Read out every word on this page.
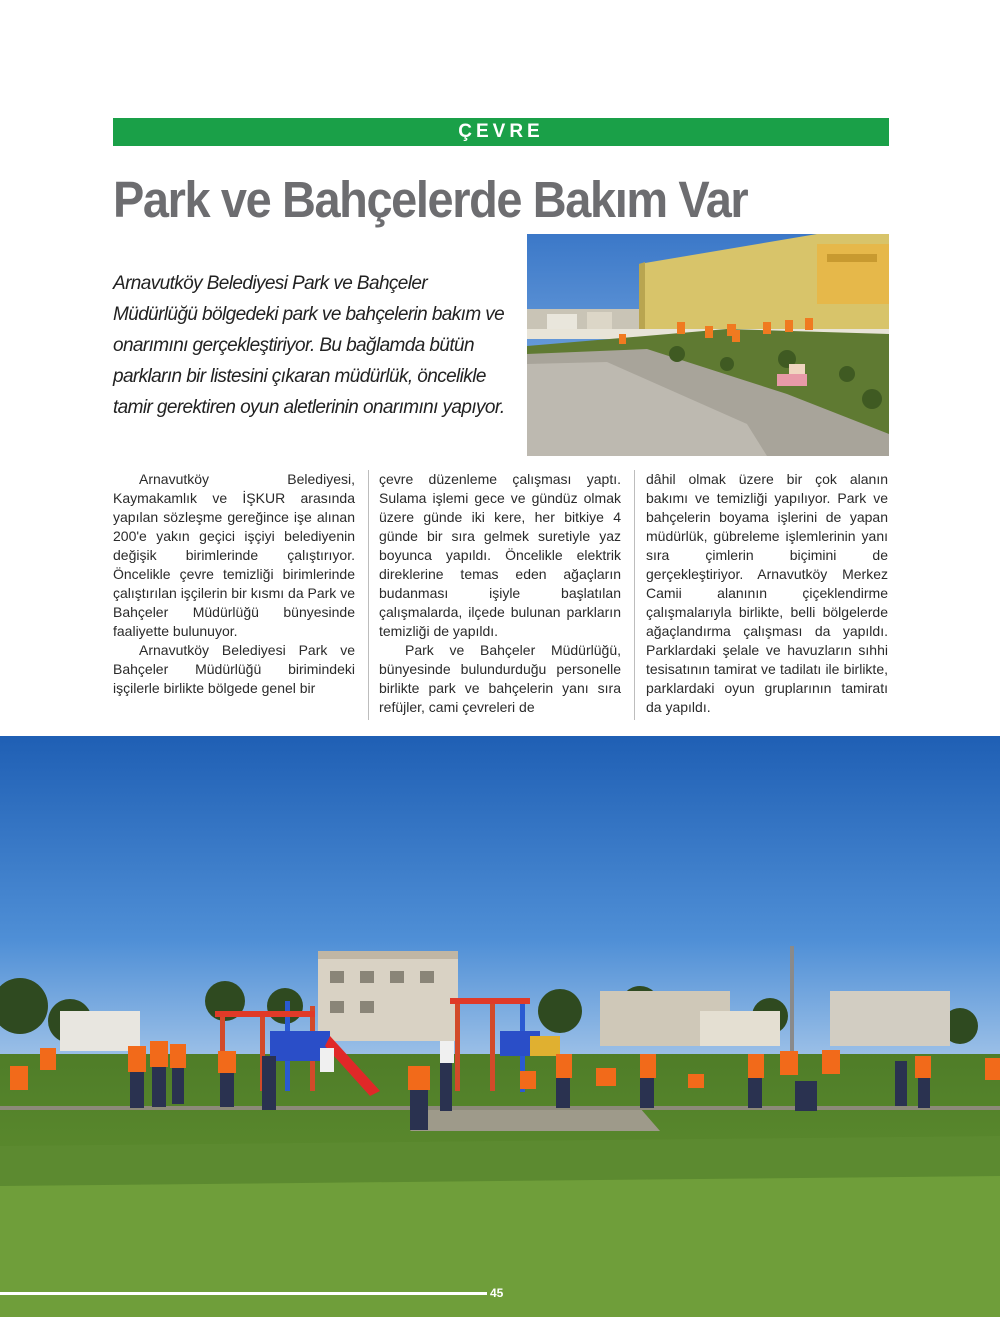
ÇEVRE
Park ve Bahçelerde Bakım Var
Arnavutköy Belediyesi Park ve Bahçeler Müdürlüğü bölgedeki park ve bahçelerin bakım ve onarımını gerçekleştiriyor. Bu bağlamda bütün parkların bir listesini çıkaran müdürlük, öncelikle tamir gerektiren oyun aletlerinin onarımını yapıyor.

Arnavutköy Belediyesi, Kaymakamlık ve İŞKUR arasında yapılan sözleşme gereğince işe alınan 200'e yakın geçici işçiyi belediyenin değişik birimlerinde çalıştırıyor. Öncelikle çevre temizliği birimlerinde çalıştırılan işçilerin bir kısmı da Park ve Bahçeler Müdürlüğü bünyesinde faaliyette bulunuyor.

Arnavutköy Belediyesi Park ve Bahçeler Müdürlüğü birimindeki işçilerle birlikte bölgede genel bir

çevre düzenleme çalışması yaptı. Sulama işlemi gece ve gündüz olmak üzere günde iki kere, her bitkiye 4 günde bir sıra gelmek suretiyle yaz boyunca yapıldı. Öncelikle elektrik direklerine temas eden ağaçların budanması işiyle başlatılan çalışmalarda, ilçede bulunan parkların temizliği de yapıldı.

Park ve Bahçeler Müdürlüğü, bünyesinde bulundurduğu personelle birlikte park ve bahçelerin yanı sıra refüjler, cami çevreleri de

dâhil olmak üzere bir çok alanın bakımı ve temizliği yapılıyor. Park ve bahçelerin boyama işlerini de yapan müdürlük, gübreleme işlemlerinin yanı sıra çimlerin biçimini de gerçekleştiriyor. Arnavutköy Merkez Camii alanının çiçeklendirme çalışmalarıyla birlikte, belli bölgelerde ağaçlandırma çalışması da yapıldı. Parklardaki şelale ve havuzların sıhhi tesisatının tamirat ve tadilatı ile birlikte, parklardaki oyun gruplarının tamiratı da yapıldı.

45
